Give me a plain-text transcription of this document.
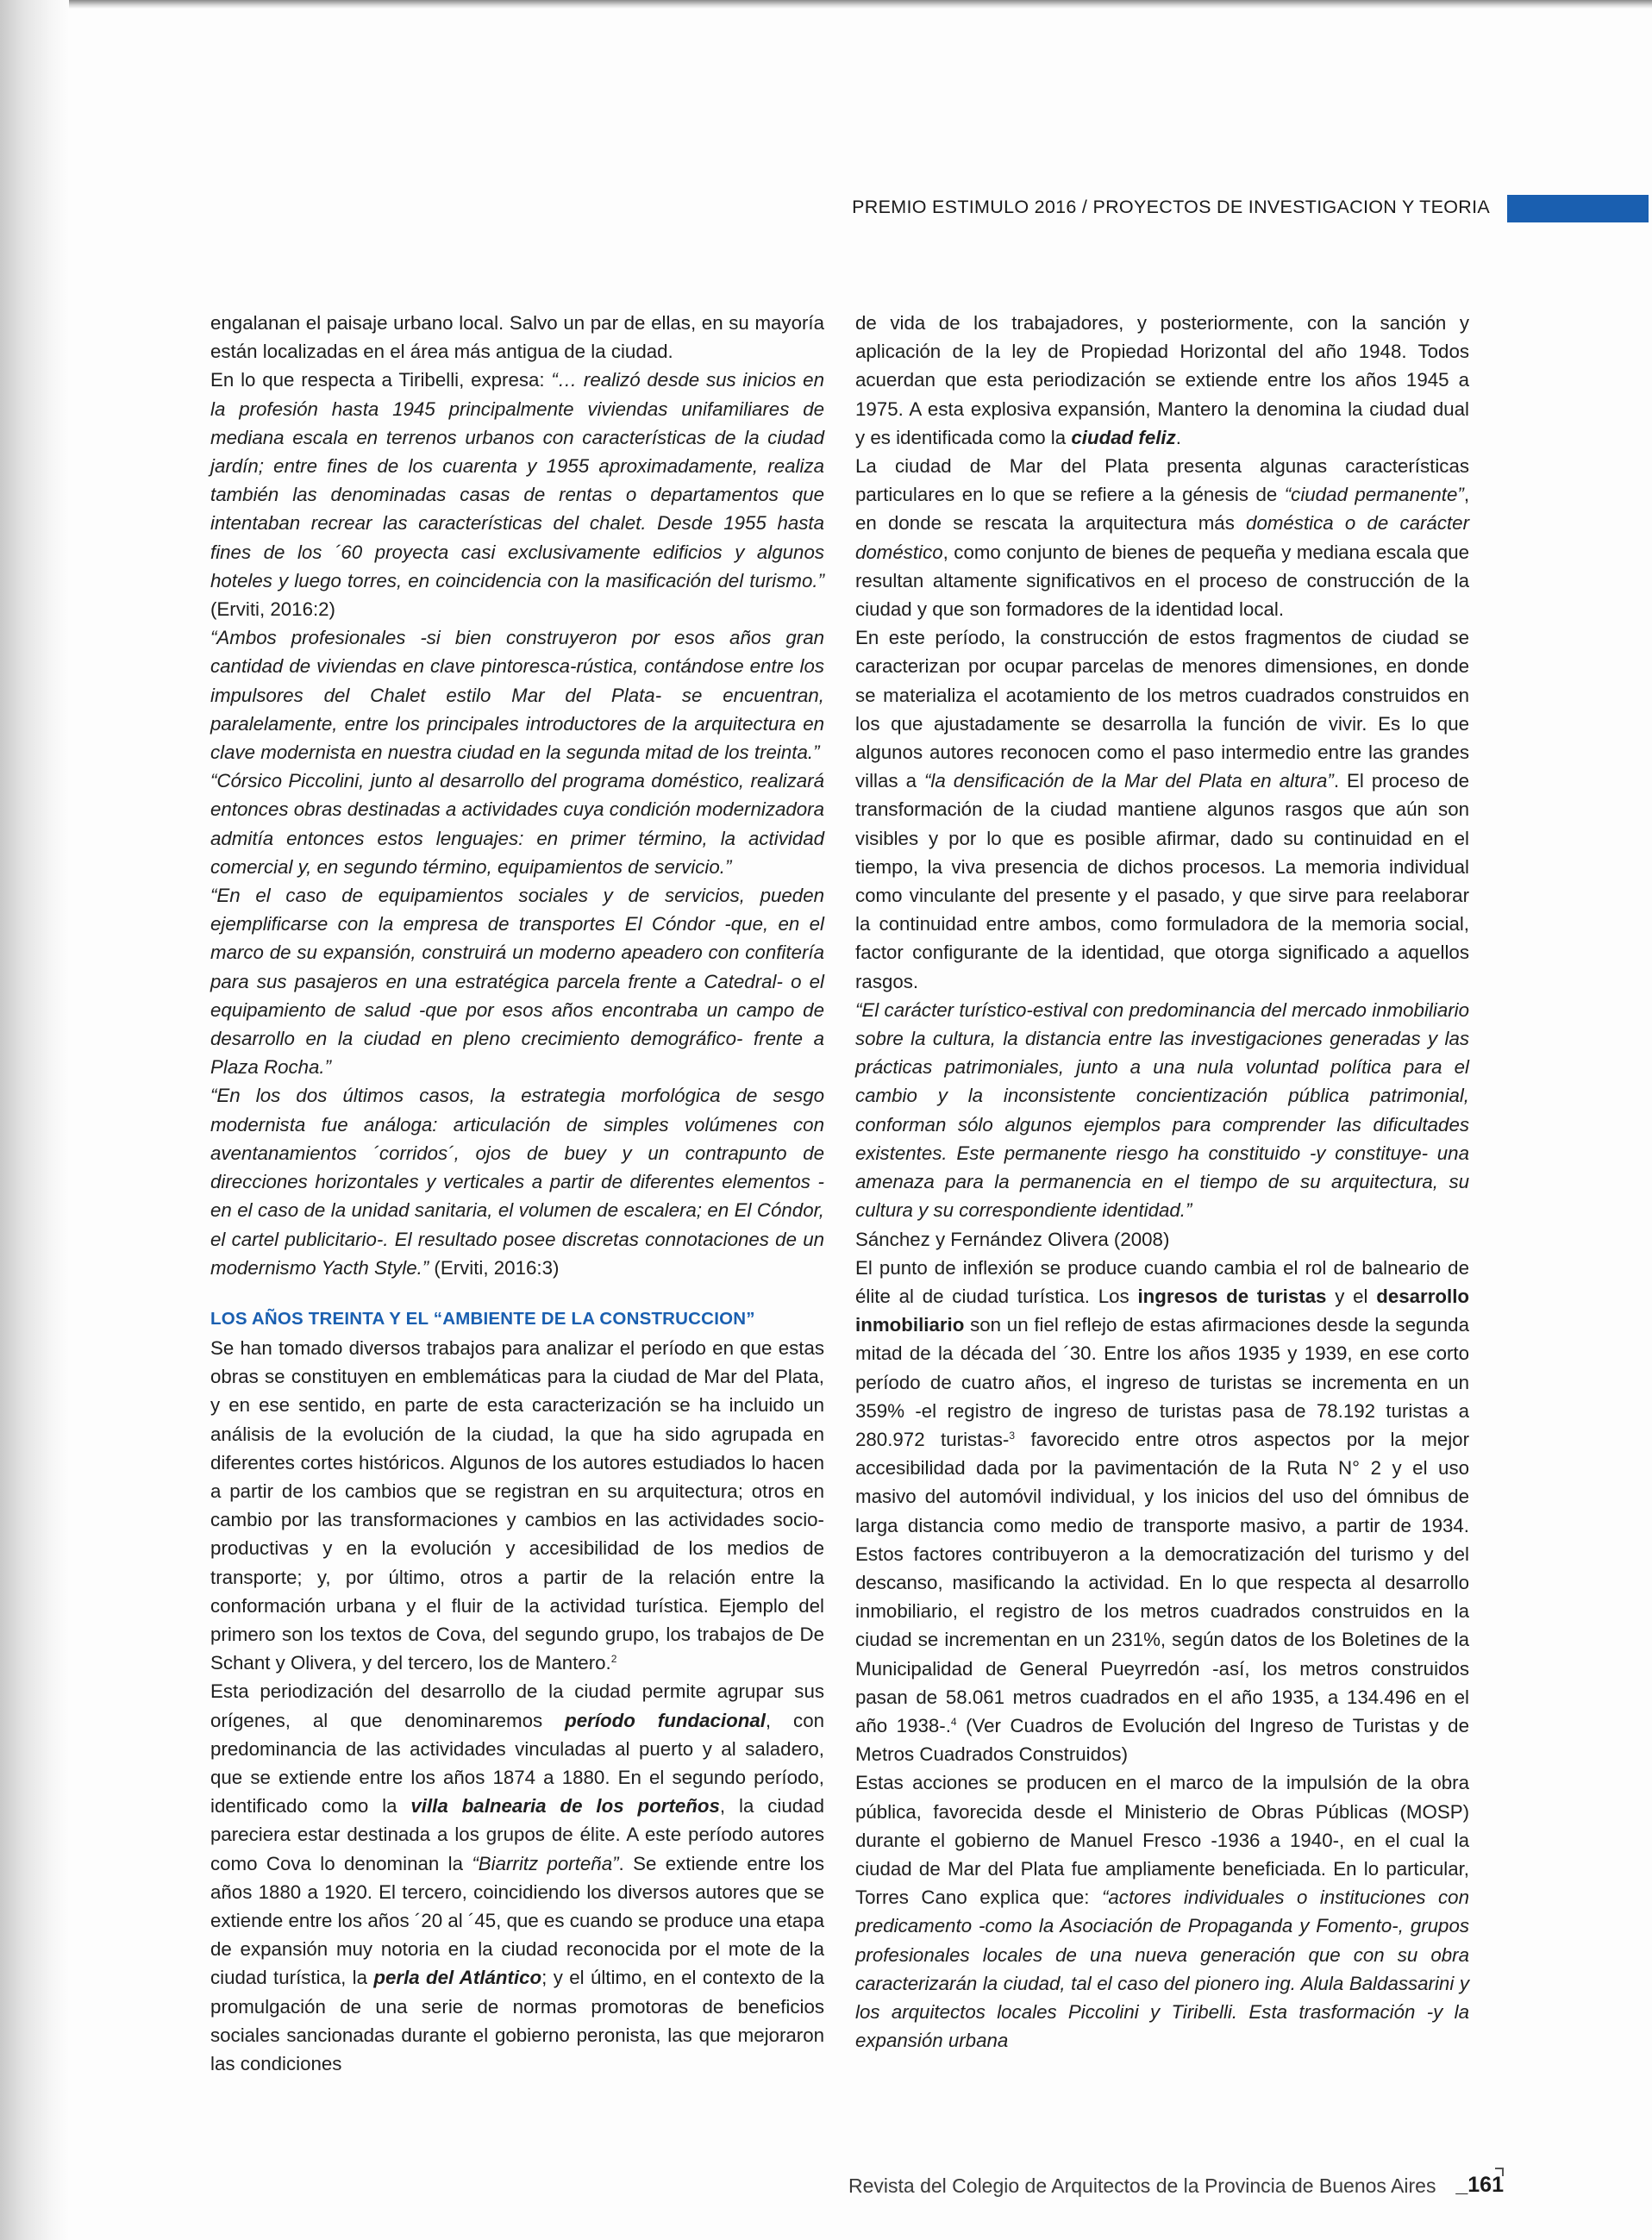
PREMIO ESTIMULO 2016 / PROYECTOS DE INVESTIGACION Y TEORIA

engalanan el paisaje urbano local. Salvo un par de ellas, en su mayoría están localizadas en el área más antigua de la ciudad.

En lo que respecta a Tiribelli, expresa: “… realizó desde sus inicios en la profesión hasta 1945 principalmente viviendas unifamiliares de mediana escala en terrenos urbanos con características de la ciudad jardín; entre fines de los cuarenta y 1955 aproximadamente, realiza también las denominadas casas de rentas o departamentos que intentaban recrear las características del chalet. Desde 1955 hasta fines de los ´60 proyecta casi exclusivamente edificios y algunos hoteles y luego torres, en coincidencia con la masificación del turismo.” (Erviti, 2016:2)

“Ambos profesionales -si bien construyeron por esos años gran cantidad de viviendas en clave pintoresca-rústica, contándose entre los impulsores del Chalet estilo Mar del Plata- se encuentran, paralelamente, entre los principales introductores de la arquitectura en clave modernista en nuestra ciudad en la segunda mitad de los treinta.”

“Córsico Piccolini, junto al desarrollo del programa doméstico, realizará entonces obras destinadas a actividades cuya condición modernizadora admitía entonces estos lenguajes: en primer término, la actividad comercial y, en segundo término, equipamientos de servicio.”

“En el caso de equipamientos sociales y de servicios, pueden ejemplificarse con la empresa de transportes El Cóndor -que, en el marco de su expansión, construirá un moderno apeadero con confitería para sus pasajeros en una estratégica parcela frente a Catedral- o el equipamiento de salud -que por esos años encontraba un campo de desarrollo en la ciudad en pleno crecimiento demográfico- frente a Plaza Rocha.”

“En los dos últimos casos, la estrategia morfológica de sesgo modernista fue análoga: articulación de simples volúmenes con aventanamientos ´corridos´, ojos de buey y un contrapunto de direcciones horizontales y verticales a partir de diferentes elementos -en el caso de la unidad sanitaria, el volumen de escalera; en El Cóndor, el cartel publicitario-. El resultado posee discretas connotaciones de un modernismo Yacth Style.” (Erviti, 2016:3)

LOS AÑOS TREINTA Y EL “AMBIENTE DE LA CONSTRUCCION”

Se han tomado diversos trabajos para analizar el período en que estas obras se constituyen en emblemáticas para la ciudad de Mar del Plata, y en ese sentido, en parte de esta caracterización se ha incluido un análisis de la evolución de la ciudad, la que ha sido agrupada en diferentes cortes históricos. Algunos de los autores estudiados lo hacen a partir de los cambios que se registran en su arquitectura; otros en cambio por las transformaciones y cambios en las actividades socio-productivas y en la evolución y accesibilidad de los medios de transporte; y, por último, otros a partir de la relación entre la conformación urbana y el fluir de la actividad turística. Ejemplo del primero son los textos de Cova, del segundo grupo, los trabajos de De Schant y Olivera, y del tercero, los de Mantero.$^2$

Esta periodización del desarrollo de la ciudad permite agrupar sus orígenes, al que denominaremos período fundacional, con predominancia de las actividades vinculadas al puerto y al saladero, que se extiende entre los años 1874 a 1880. En el segundo período, identificado como la villa balnearia de los porteños, la ciudad pareciera estar destinada a los grupos de élite. A este período autores como Cova lo denominan la “Biarritz porteña”. Se extiende entre los años 1880 a 1920. El tercero, coincidiendo los diversos autores que se extiende entre los años ´20 al ´45, que es cuando se produce una etapa de expansión muy notoria en la ciudad reconocida por el mote de la ciudad turística, la perla del Atlántico; y el último, en el contexto de la promulgación de una serie de normas promotoras de beneficios sociales sancionadas durante el gobierno peronista, las que mejoraron las condiciones

de vida de los trabajadores, y posteriormente, con la sanción y aplicación de la ley de Propiedad Horizontal del año 1948. Todos acuerdan que esta periodización se extiende entre los años 1945 a 1975. A esta explosiva expansión, Mantero la denomina la ciudad dual y es identificada como la ciudad feliz.

La ciudad de Mar del Plata presenta algunas características particulares en lo que se refiere a la génesis de “ciudad permanente”, en donde se rescata la arquitectura más doméstica o de carácter doméstico, como conjunto de bienes de pequeña y mediana escala que resultan altamente significativos en el proceso de construcción de la ciudad y que son formadores de la identidad local.

En este período, la construcción de estos fragmentos de ciudad se caracterizan por ocupar parcelas de menores dimensiones, en donde se materializa el acotamiento de los metros cuadrados construidos en los que ajustadamente se desarrolla la función de vivir. Es lo que algunos autores reconocen como el paso intermedio entre las grandes villas a “la densificación de la Mar del Plata en altura”. El proceso de transformación de la ciudad mantiene algunos rasgos que aún son visibles y por lo que es posible afirmar, dado su continuidad en el tiempo, la viva presencia de dichos procesos. La memoria individual como vinculante del presente y el pasado, y que sirve para reelaborar la continuidad entre ambos, como formuladora de la memoria social, factor configurante de la identidad, que otorga significado a aquellos rasgos.

“El carácter turístico-estival con predominancia del mercado inmobiliario sobre la cultura, la distancia entre las investigaciones generadas y las prácticas patrimoniales, junto a una nula voluntad política para el cambio y la inconsistente concientización pública patrimonial, conforman sólo algunos ejemplos para comprender las dificultades existentes. Este permanente riesgo ha constituido -y constituye- una amenaza para la permanencia en el tiempo de su arquitectura, su cultura y su correspondiente identidad.”

Sánchez y Fernández Olivera (2008)

El punto de inflexión se produce cuando cambia el rol de balneario de élite al de ciudad turística. Los ingresos de turistas y el desarrollo inmobiliario son un fiel reflejo de estas afirmaciones desde la segunda mitad de la década del ´30. Entre los años 1935 y 1939, en ese corto período de cuatro años, el ingreso de turistas se incrementa en un 359% -el registro de ingreso de turistas pasa de 78.192 turistas a 280.972 turistas-$^3$ favorecido entre otros aspectos por la mejor accesibilidad dada por la pavimentación de la Ruta N° 2 y el uso masivo del automóvil individual, y los inicios del uso del ómnibus de larga distancia como medio de transporte masivo, a partir de 1934. Estos factores contribuyeron a la democratización del turismo y del descanso, masificando la actividad. En lo que respecta al desarrollo inmobiliario, el registro de los metros cuadrados construidos en la ciudad se incrementan en un 231%, según datos de los Boletines de la Municipalidad de General Pueyrredón -así, los metros construidos pasan de 58.061 metros cuadrados en el año 1935, a 134.496 en el año 1938-.$^4$ (Ver Cuadros de Evolución del Ingreso de Turistas y de Metros Cuadrados Construidos)

Estas acciones se producen en el marco de la impulsión de la obra pública, favorecida desde el Ministerio de Obras Públicas (MOSP) durante el gobierno de Manuel Fresco -1936 a 1940-, en el cual la ciudad de Mar del Plata fue ampliamente beneficiada. En lo particular, Torres Cano explica que: “actores individuales o instituciones con predicamento -como la Asociación de Propaganda y Fomento-, grupos profesionales locales de una nueva generación que con su obra caracterizarán la ciudad, tal el caso del pionero ing. Alula Baldassarini y los arquitectos locales Piccolini y Tiribelli. Esta trasformación -y la expansión urbana

Revista del Colegio de Arquitectos de la Provincia de Buenos Aires _161
